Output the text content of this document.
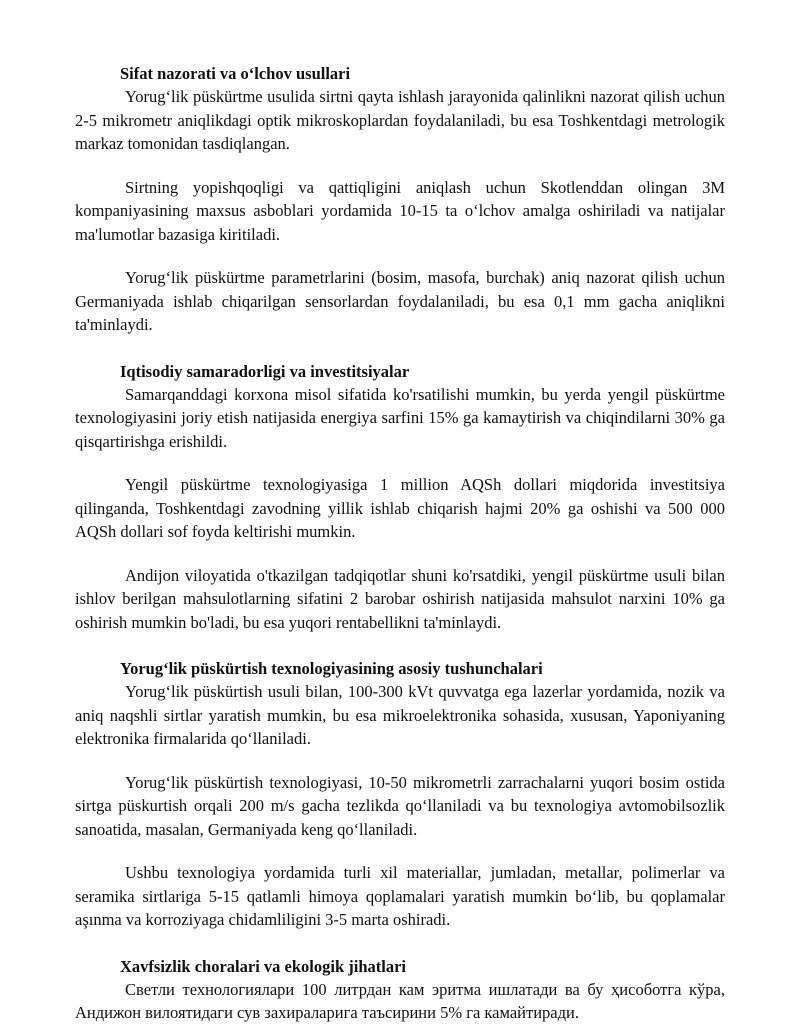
Sifat nazorati va o‘lchov usullari

Yorug‘lik püskürtme usulida sirtni qayta ishlash jarayonida qalinlikni nazorat qilish uchun 2-5 mikrometr aniqlikdagi optik mikroskoplardan foydalaniladi, bu esa Toshkentdagi metrologik markaz tomonidan tasdiqlangan.

Sirtning yopishqoqligi va qattiqligini aniqlash uchun Skotlenddan olingan 3M kompaniyasining maxsus asboblari yordamida 10-15 ta o‘lchov amalga oshiriladi va natijalar ma'lumotlar bazasiga kiritiladi.

Yorug‘lik püskürtme parametrlarini (bosim, masofa, burchak) aniq nazorat qilish uchun Germaniyada ishlab chiqarilgan sensorlardan foydalaniladi, bu esa 0,1 mm gacha aniqlikni ta'minlaydi.

Iqtisodiy samaradorligi va investitsiyalar

Samarqanddagi korxona misol sifatida ko'rsatilishi mumkin, bu yerda yengil püskürtme texnologiyasini joriy etish natijasida energiya sarfini 15% ga kamaytirish va chiqindilarni 30% ga qisqartirishga erishildi.

Yengil püskürtme texnologiyasiga 1 million AQSh dollari miqdorida investitsiya qilinganda, Toshkentdagi zavodning yillik ishlab chiqarish hajmi 20% ga oshishi va 500 000 AQSh dollari sof foyda keltirishi mumkin.

Andijon viloyatida o'tkazilgan tadqiqotlar shuni ko'rsatdiki, yengil püskürtme usuli bilan ishlov berilgan mahsulotlarning sifatini 2 barobar oshirish natijasida mahsulot narxini 10% ga oshirish mumkin bo'ladi, bu esa yuqori rentabellikni ta'minlaydi.

Yorug‘lik püskürtish texnologiyasining asosiy tushunchalari

Yorug‘lik püskürtish usuli bilan, 100-300 kVt quvvatga ega lazerlar yordamida, nozik va aniq naqshli sirtlar yaratish mumkin, bu esa mikroelektronika sohasida, xususan, Yaponiyaning elektronika firmalarida qo‘llaniladi.

Yorug‘lik püskürtish texnologiyasi, 10-50 mikrometrli zarrachalarni yuqori bosim ostida sirtga püskurtish orqali 200 m/s gacha tezlikda qo‘llaniladi va bu texnologiya avtomobilsozlik sanoatida, masalan, Germaniyada keng qo‘llaniladi.

Ushbu texnologiya yordamida turli xil materiallar, jumladan, metallar, polimerlar va seramika sirtlariga 5-15 qatlamli himoya qoplamalari yaratish mumkin bo‘lib, bu qoplamalar aşınma va korroziyaga chidamliligini 3-5 marta oshiradi.

Xavfsizlik choralari va ekologik jihatlari

Светли технологиялари 100 литрдан кам эритма ишлатади ва бу ҳисоботга кўра, Андижон вилоятидаги сув захираларига таъсирини 5% га камайтиради.
